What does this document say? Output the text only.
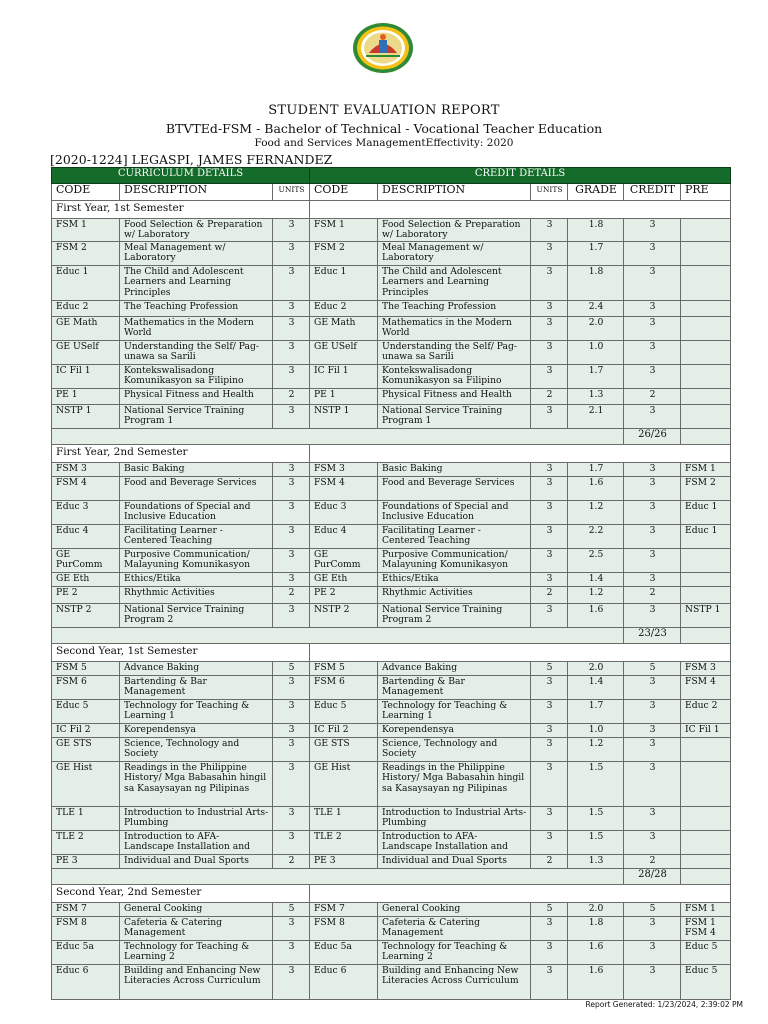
STUDENT EVALUATION REPORT
BTVTEd-FSM - Bachelor of Technical - Vocational Teacher Education
Food and Services ManagementEffectivity: 2020
[2020-1224] LEGASPI, JAMES FERNANDEZ
CURRICULUM DETAILS			CREDIT DETAILS					
CODE	DESCRIPTION	UNITS	CODE	DESCRIPTION	UNITS	GRADE	CREDIT	PRE
First Year, 1st Semester								
FSM 1	Food Selection & Preparation w/ Laboratory	3	FSM 1	Food Selection & Preparation w/ Laboratory	3	1.8	3	
FSM 2	Meal Management w/ Laboratory	3	FSM 2	Meal Management w/ Laboratory	3	1.7	3	
Educ 1	The Child and Adolescent Learners and Learning Principles	3	Educ 1	The Child and Adolescent Learners and Learning Principles	3	1.8	3	
Educ 2	The Teaching Profession	3	Educ 2	The Teaching Profession	3	2.4	3	
GE Math	Mathematics in the Modern World	3	GE Math	Mathematics in the Modern World	3	2.0	3	
GE USelf	Understanding the Self/ Pag-unawa sa Sarili	3	GE USelf	Understanding the Self/ Pag-unawa sa Sarili	3	1.0	3	
IC Fil 1	Kontekswalisadong Komunikasyon sa Filipino	3	IC Fil 1	Kontekswalisadong Komunikasyon sa Filipino	3	1.7	3	
PE 1	Physical Fitness and Health	2	PE 1	Physical Fitness and Health	2	1.3	2	
NSTP 1	National Service Training Program 1	3	NSTP 1	National Service Training Program 1	3	2.1	3	
							26/26	
First Year, 2nd Semester								
FSM 3	Basic Baking	3	FSM 3	Basic Baking	3	1.7	3	FSM 1
FSM 4	Food and Beverage Services	3	FSM 4	Food and Beverage Services	3	1.6	3	FSM 2
Educ 3	Foundations of Special and Inclusive Education	3	Educ 3	Foundations of Special and Inclusive Education	3	1.2	3	Educ 1
Educ 4	Facilitating Learner - Centered Teaching	3	Educ 4	Facilitating Learner - Centered Teaching	3	2.2	3	Educ 1
GE PurComm	Purposive Communication/ Malayuning Komunikasyon	3	GE PurComm	Purposive Communication/ Malayuning Komunikasyon	3	2.5	3	
GE Eth	Ethics/Etika	3	GE Eth	Ethics/Etika	3	1.4	3	
PE 2	Rhythmic Activities	2	PE 2	Rhythmic Activities	2	1.2	2	
NSTP 2	National Service Training Program 2	3	NSTP 2	National Service Training Program 2	3	1.6	3	NSTP 1
							23/23	
Second Year, 1st Semester								
FSM 5	Advance Baking	5	FSM 5	Advance Baking	5	2.0	5	FSM 3
FSM 6	Bartending & Bar Management	3	FSM 6	Bartending & Bar Management	3	1.4	3	FSM 4
Educ 5	Technology for Teaching & Learning 1	3	Educ 5	Technology for Teaching & Learning 1	3	1.7	3	Educ 2
IC Fil 2	Korependensya	3	IC Fil 2	Korependensya	3	1.0	3	IC Fil 1
GE STS	Science, Technology and Society	3	GE STS	Science, Technology and Society	3	1.2	3	
GE Hist	Readings in the Philippine History/ Mga Babasahin hingil sa Kasaysayan ng Pilipinas	3	GE Hist	Readings in the Philippine History/ Mga Babasahin hingil sa Kasaysayan ng Pilipinas	3	1.5	3	
TLE 1	Introduction to Industrial Arts-Plumbing	3	TLE 1	Introduction to Industrial Arts-Plumbing	3	1.5	3	
TLE 2	Introduction to AFA-Landscape Installation and	3	TLE 2	Introduction to AFA-Landscape Installation and	3	1.5	3	
PE 3	Individual and Dual Sports	2	PE 3	Individual and Dual Sports	2	1.3	2	
							28/28	
Second Year, 2nd Semester								
FSM 7	General Cooking	5	FSM 7	General Cooking	5	2.0	5	FSM 1
FSM 8	Cafeteria & Catering Management	3	FSM 8	Cafeteria & Catering Management	3	1.8	3	FSM 1
FSM 4
Educ 5a	Technology for Teaching & Learning 2	3	Educ 5a	Technology for Teaching & Learning 2	3	1.6	3	Educ 5
Educ 6	Building and Enhancing New Literacies Across Curriculum	3	Educ 6	Building and Enhancing New Literacies Across Curriculum	3	1.6	3	Educ 5
Report Generated: 1/23/2024, 2:39:02 PM
